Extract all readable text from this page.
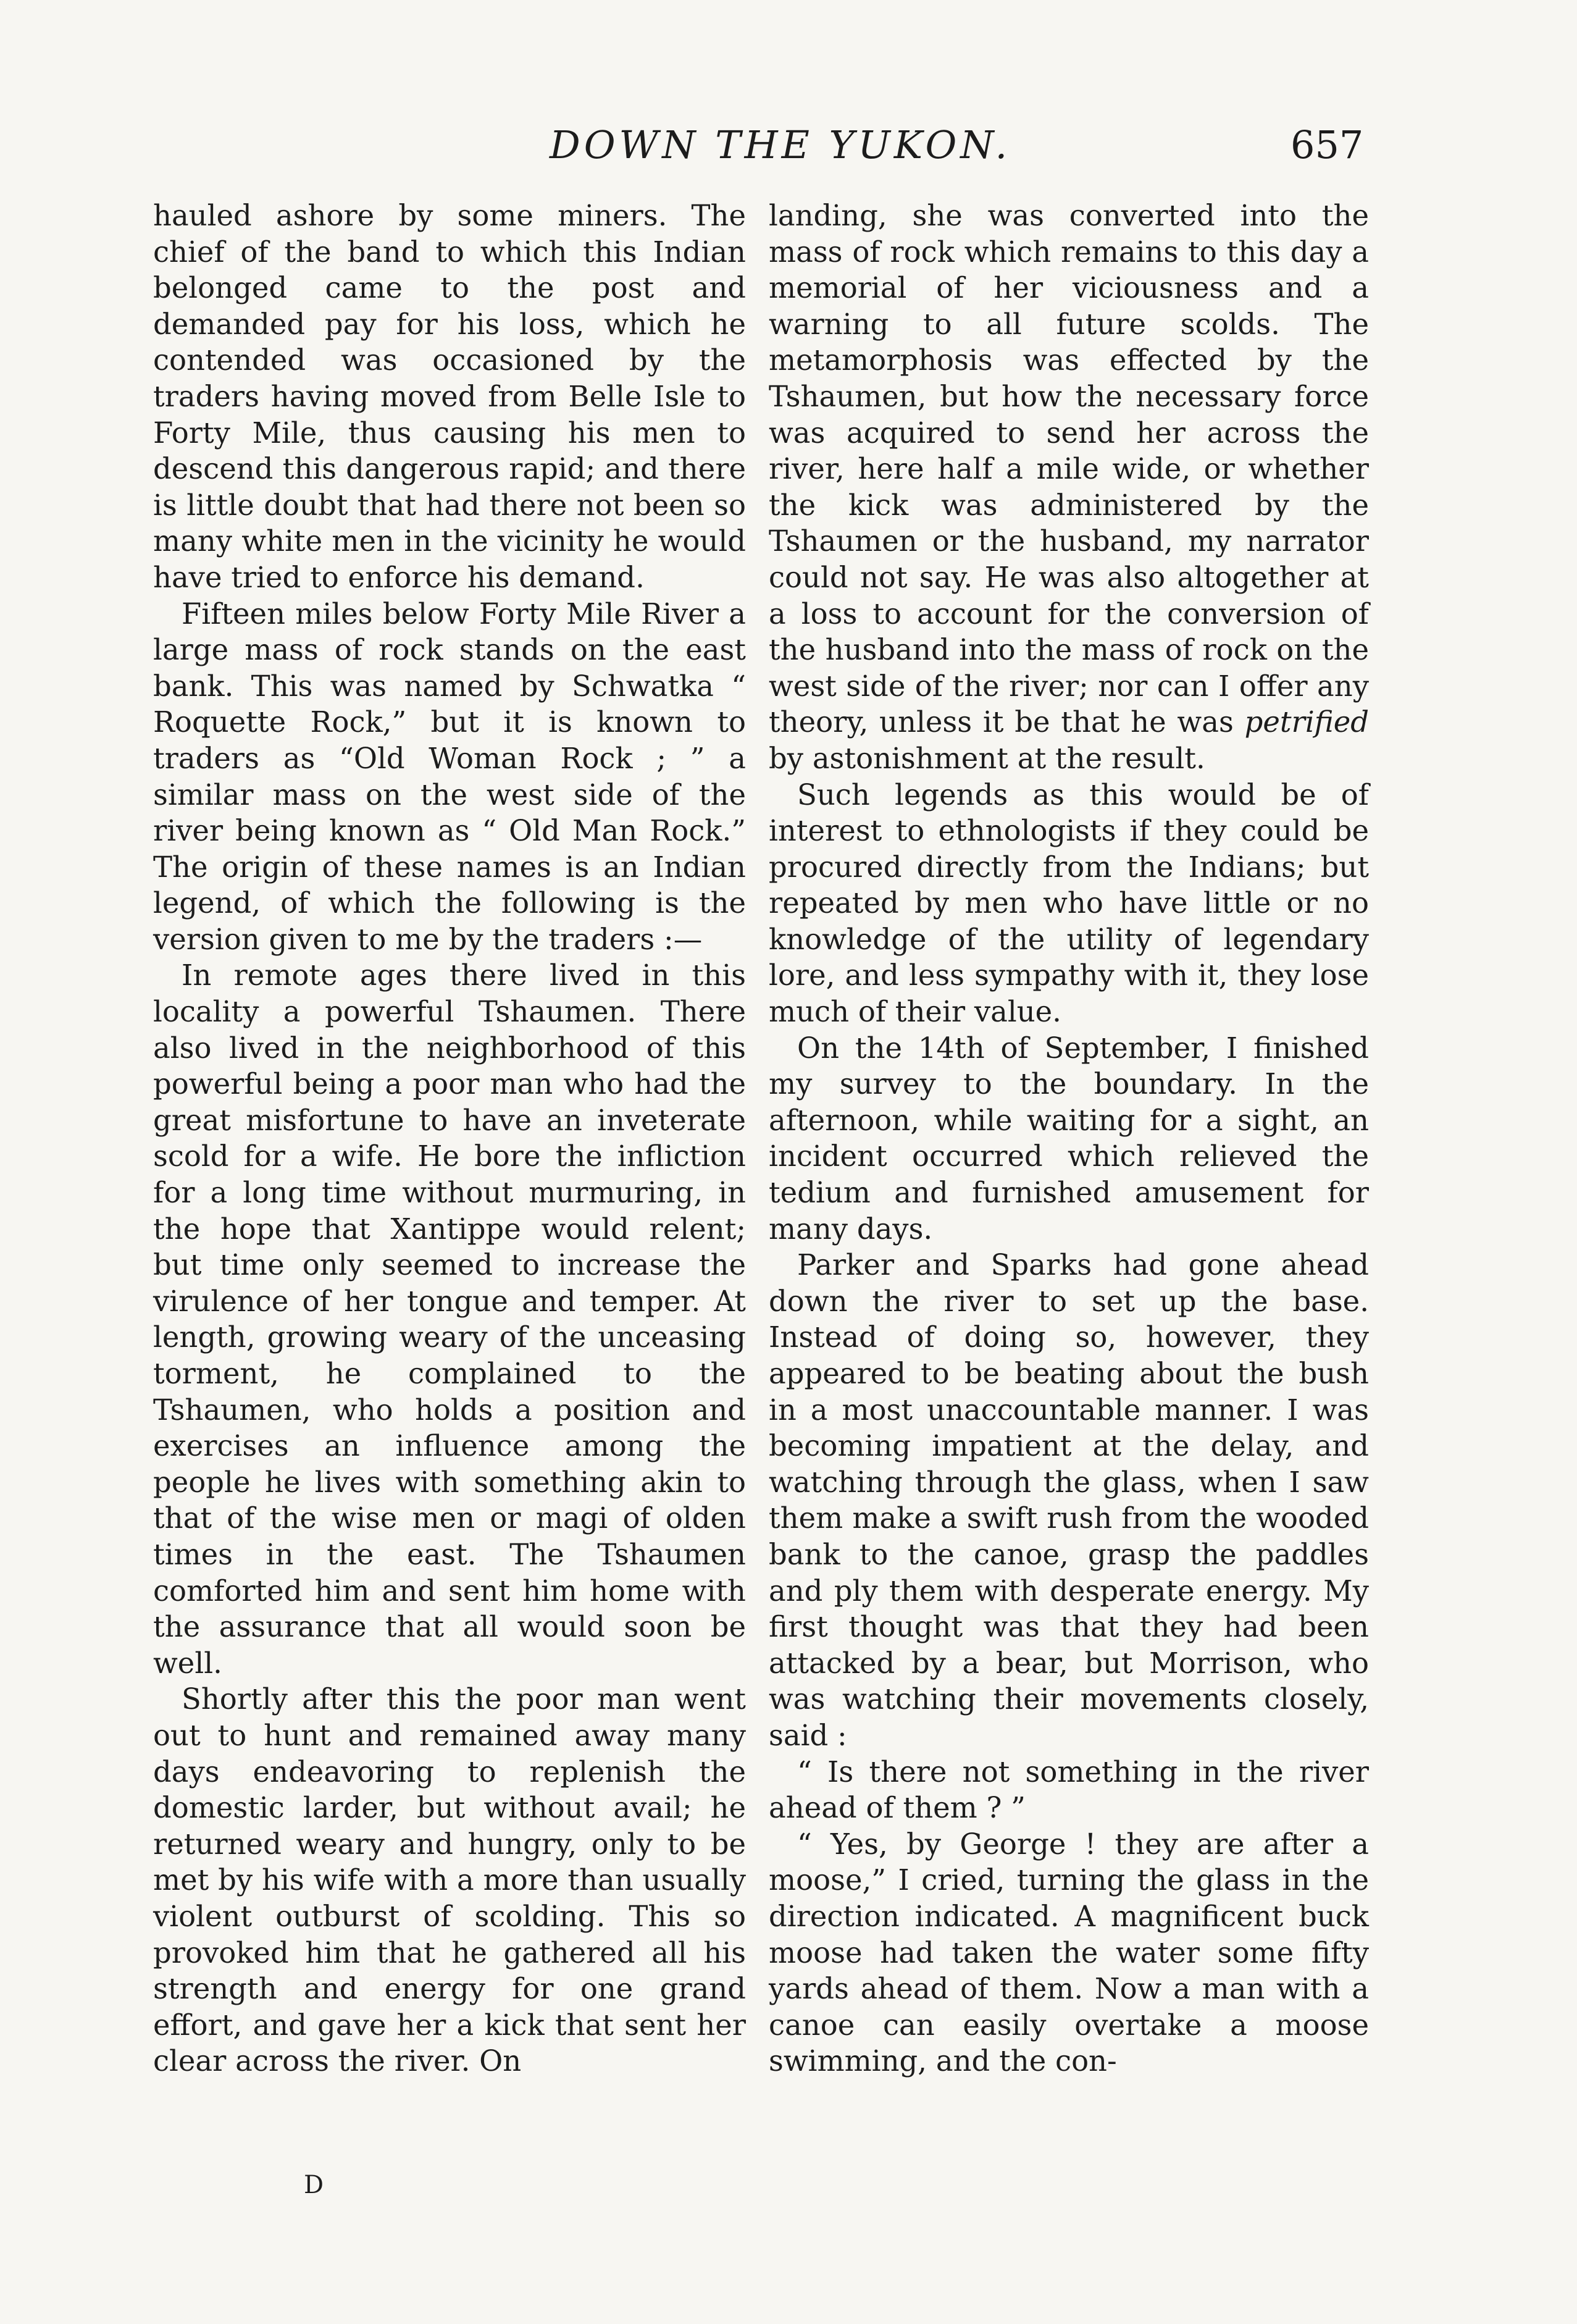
DOWN THE YUKON.	657

hauled ashore by some miners. The chief of the band to which this Indian belonged came to the post and demanded pay for his loss, which he contended was occasioned by the traders having moved from Belle Isle to Forty Mile, thus causing his men to descend this dangerous rapid; and there is little doubt that had there not been so many white men in the vicinity he would have tried to enforce his demand.

Fifteen miles below Forty Mile River a large mass of rock stands on the east bank. This was named by Schwatka “ Roquette Rock,” but it is known to traders as “Old Woman Rock ; ” a similar mass on the west side of the river being known as “ Old Man Rock.” The origin of these names is an Indian legend, of which the following is the version given to me by the traders :—

In remote ages there lived in this locality a powerful Tshaumen. There also lived in the neighborhood of this powerful being a poor man who had the great misfortune to have an inveterate scold for a wife. He bore the infliction for a long time without murmuring, in the hope that Xantippe would relent; but time only seemed to increase the virulence of her tongue and temper. At length, growing weary of the unceasing torment, he complained to the Tshaumen, who holds a position and exercises an influence among the people he lives with something akin to that of the wise men or magi of olden times in the east. The Tshaumen comforted him and sent him home with the assurance that all would soon be well.

Shortly after this the poor man went out to hunt and remained away many days endeavoring to replenish the domestic larder, but without avail; he returned weary and hungry, only to be met by his wife with a more than usually violent outburst of scolding. This so provoked him that he gathered all his strength and energy for one grand effort, and gave her a kick that sent her clear across the river. On

landing, she was converted into the mass of rock which remains to this day a memorial of her viciousness and a warning to all future scolds. The metamorphosis was effected by the Tshaumen, but how the necessary force was acquired to send her across the river, here half a mile wide, or whether the kick was administered by the Tshaumen or the husband, my narrator could not say. He was also altogether at a loss to account for the conversion of the husband into the mass of rock on the west side of the river; nor can I offer any theory, unless it be that he was petrified by astonishment at the result.

Such legends as this would be of interest to ethnologists if they could be procured directly from the Indians; but repeated by men who have little or no knowledge of the utility of legendary lore, and less sympathy with it, they lose much of their value.

On the 14th of September, I finished my survey to the boundary. In the afternoon, while waiting for a sight, an incident occurred which relieved the tedium and furnished amusement for many days.

Parker and Sparks had gone ahead down the river to set up the base. Instead of doing so, however, they appeared to be beating about the bush in a most unaccountable manner. I was becoming impatient at the delay, and watching through the glass, when I saw them make a swift rush from the wooded bank to the canoe, grasp the paddles and ply them with desperate energy. My first thought was that they had been attacked by a bear, but Morrison, who was watching their movements closely, said :

“ Is there not something in the river ahead of them ? ”

“ Yes, by George ! they are after a moose,” I cried, turning the glass in the direction indicated. A magnificent buck moose had taken the water some fifty yards ahead of them. Now a man with a canoe can easily overtake a moose swimming, and the con-

D
